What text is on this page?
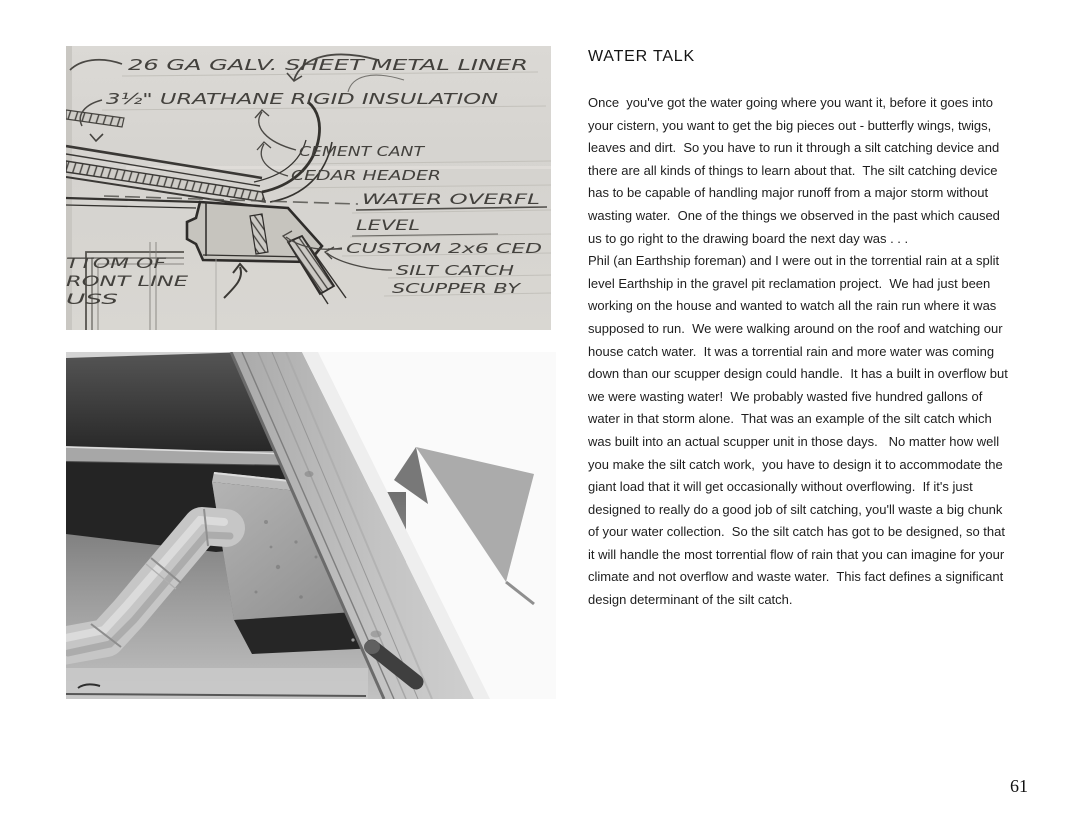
26 GA GALV. SHEET METAL LINER
3½" URATHANE RIGID INSULATION
CEMENT CANT
CEDAR HEADER
WATER OVERFL
LEVEL
CUSTOM 2x6 CED
SILT CATCH
SCUPPER BY
TTOM OF
RONT LINE
USS
WATER TALK

Once  you've got the water going where you want it, before it goes into your cistern, you want to get the big pieces out - butterfly wings, twigs, leaves and dirt.  So you have to run it through a silt catching device and there are all kinds of things to learn about that.  The silt catching device has to be capable of handling major runoff from a major storm without wasting water.  One of the things we observed in the past which caused us to go right to the drawing board the next day was . . .

Phil (an Earthship foreman) and I were out in the torrential rain at a split level Earthship in the gravel pit reclamation project.  We had just been working on the house and wanted to watch all the rain run where it was supposed to run.  We were walking around on the roof and watching our house catch water.  It was a torrential rain and more water was coming down than our scupper design could handle.  It has a built in overflow but we were wasting water!  We probably wasted five hundred gallons of water in that storm alone.  That was an example of the silt catch which was built into an actual scupper unit in those days.   No matter how well you make the silt catch work,  you have to design it to accommodate the giant load that it will get occasionally without overflowing.  If it's just designed to really do a good job of silt catching, you'll waste a big chunk of your water collection.  So the silt catch has got to be designed, so that it will handle the most torrential flow of rain that you can imagine for your climate and not overflow and waste water.  This fact defines a significant design determinant of the silt catch.

61
